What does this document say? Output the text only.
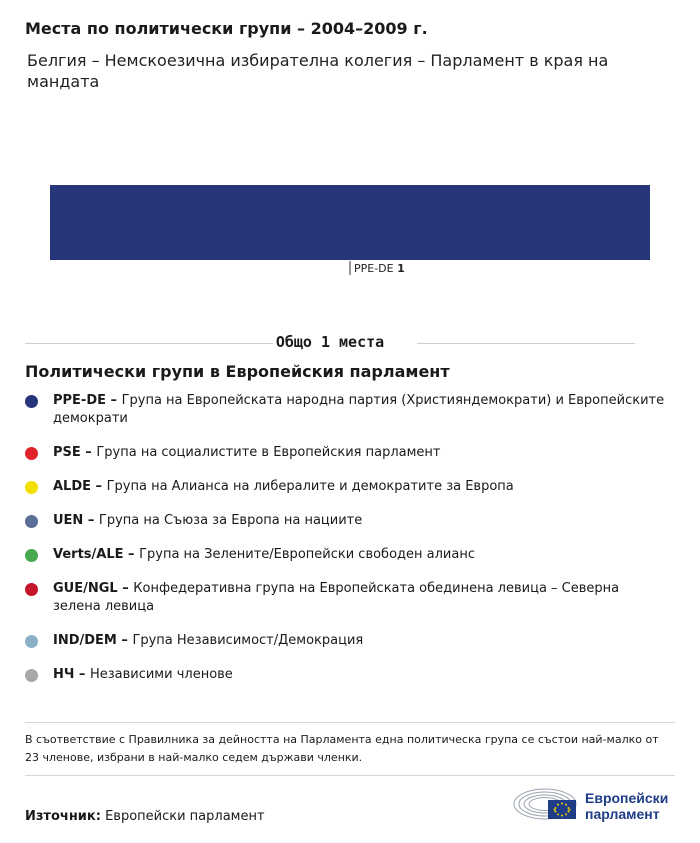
Места по политически групи – 2004–2009 г.
Белгия – Немскоезична избирателна колегия – Парламент в края на мандата
PPE-DE 1
Общо 1 места
Политически групи в Европейския парламент
PPE-DE – Група на Европейската народна партия (Християндемократи) и Европейските демократи
PSE – Група на социалистите в Европейския парламент
ALDE – Група на Алианса на либералите и демократите за Европа
UEN – Група на Съюза за Европа на нациите
Verts/ALE – Група на Зелените/Европейски свободен алианс
GUE/NGL – Конфедеративна група на Европейската обединена левица – Северна зелена левица
IND/DEM – Група Независимост/Демокрация
НЧ – Независими членове
В съответствие с Правилника за дейността на Парламента една политическа група се състои най-малко от 23 членове, избрани в най-малко седем държави членки.
Източник: Европейски парламент
Европейски
парламент
